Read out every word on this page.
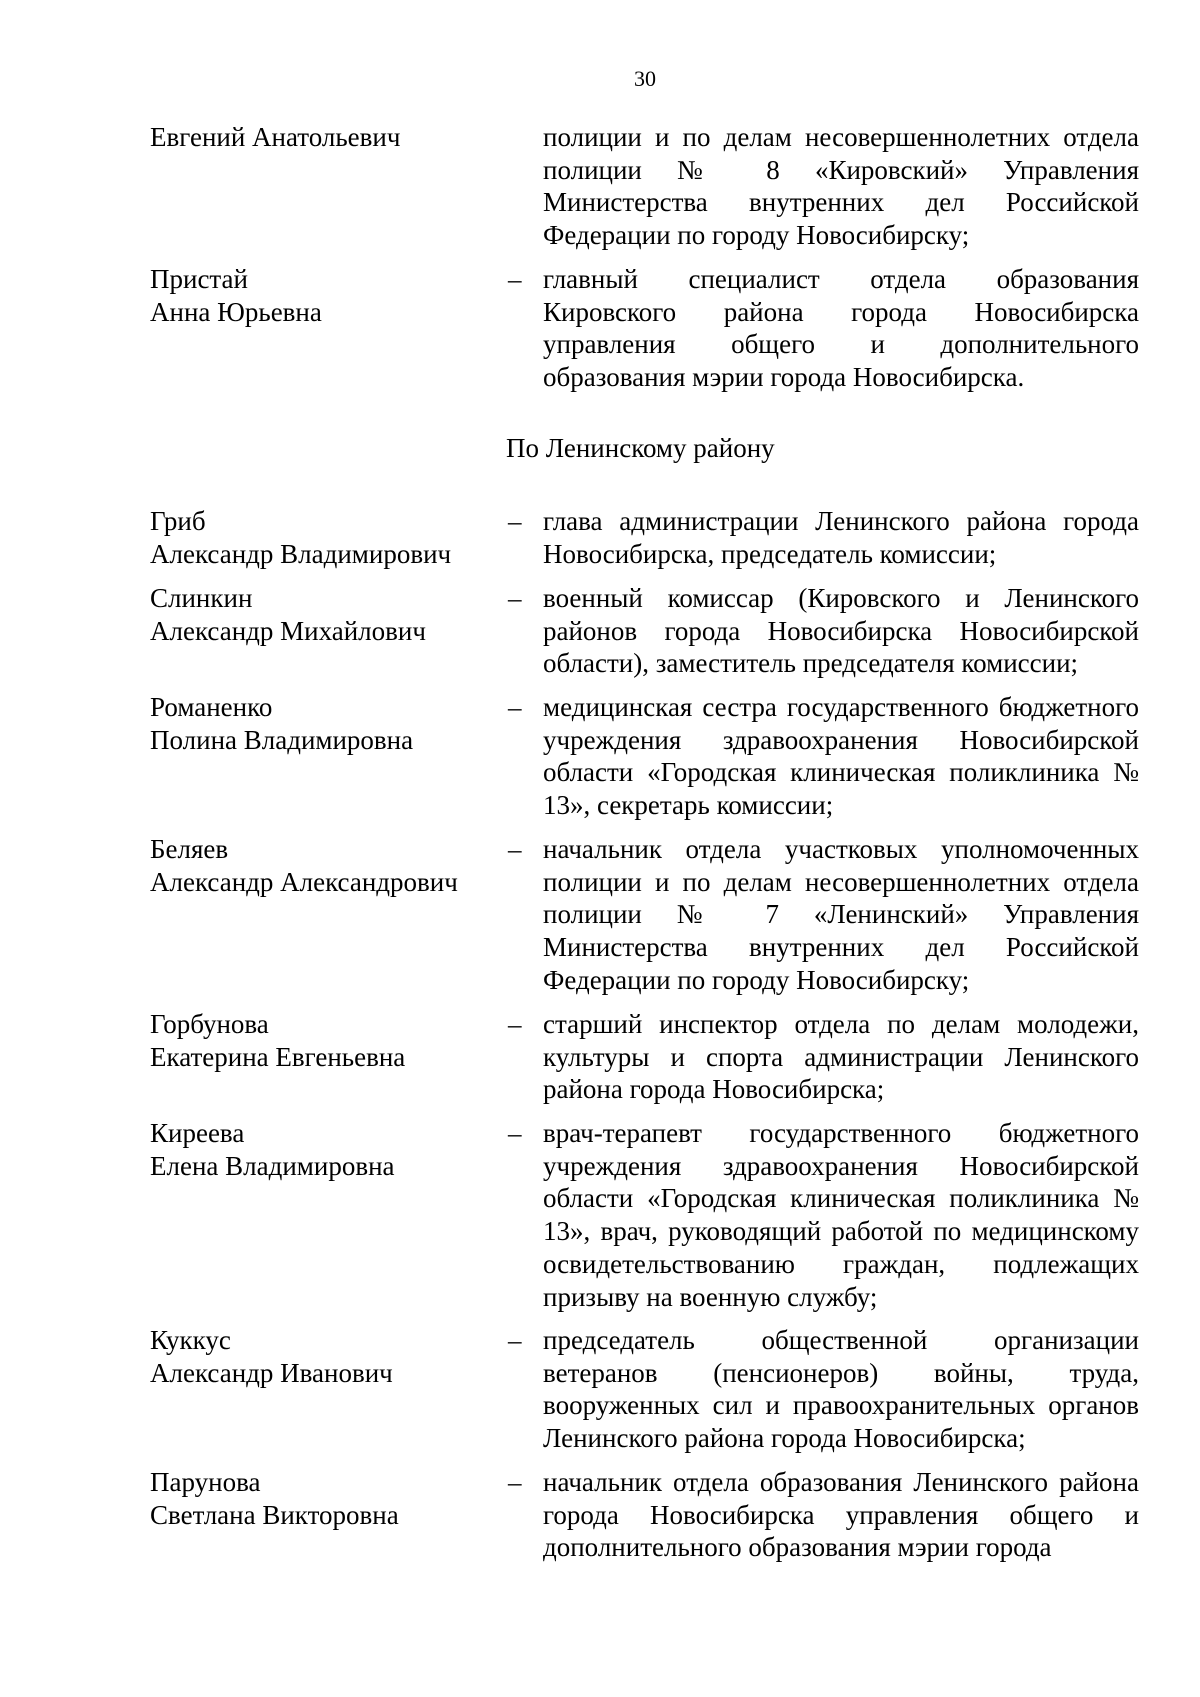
30
Евгений Анатольевич	полиции и по делам несовершеннолетних отдела полиции № 8 «Кировский» Управления Министерства внутренних дел Российской Федерации по городу Новосибирску;
Пристай
Анна Юрьевна
– главный специалист отдела образования Кировского района города Новосибирска управления общего и дополнительного образования мэрии города Новосибирска.
По Ленинскому району
Гриб
Александр Владимирович
– глава администрации Ленинского района города Новосибирска, председатель комиссии;
Слинкин
Александр Михайлович
– военный комиссар (Кировского и Ленинского районов города Новосибирска Новосибирской области), заместитель председателя комиссии;
Романенко
Полина Владимировна
– медицинская сестра государственного бюджетного учреждения здравоохранения Новосибирской области «Городская клиническая поликлиника № 13», секретарь комиссии;
Беляев
Александр Александрович
– начальник отдела участковых уполномоченных полиции и по делам несовершеннолетних отдела полиции № 7 «Ленинский» Управления Министерства внутренних дел Российской Федерации по городу Новосибирску;
Горбунова
Екатерина Евгеньевна
– старший инспектор отдела по делам молодежи, культуры и спорта администрации Ленинского района города Новосибирска;
Киреева
Елена Владимировна
– врач-терапевт государственного бюджетного учреждения здравоохранения Новосибирской области «Городская клиническая поликлиника № 13», врач, руководящий работой по медицинскому освидетельствованию граждан, подлежащих призыву на военную службу;
Куккус
Александр Иванович
– председатель общественной организации ветеранов (пенсионеров) войны, труда, вооруженных сил и правоохранительных органов Ленинского района города Новосибирска;
Парунова
Светлана Викторовна
– начальник отдела образования Ленинского района города Новосибирска управления общего и дополнительного образования мэрии города
